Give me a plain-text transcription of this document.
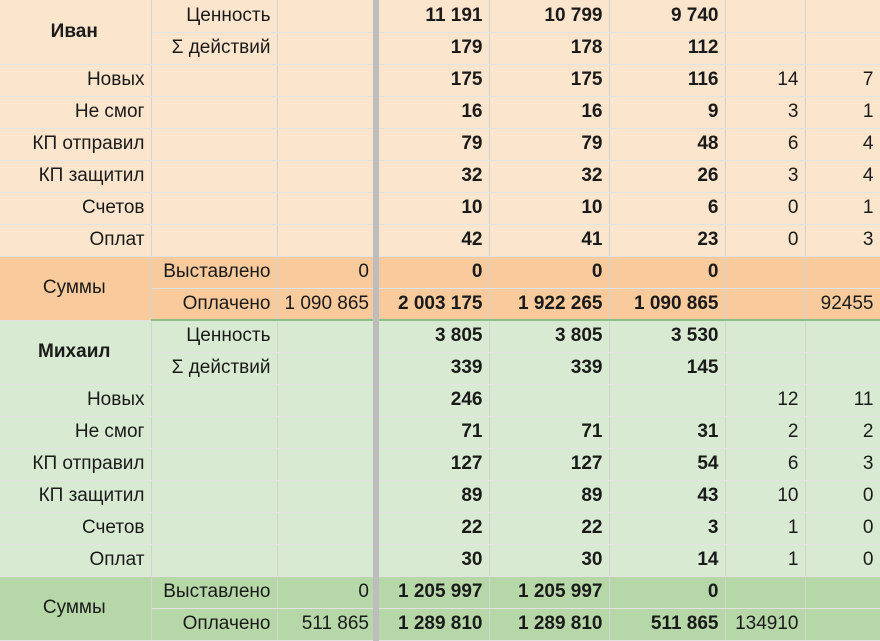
Иван	Ценность		11 191	10 799	9 740		
	Σ действий		179	178	112		
Новых			175	175	116	14	7
Не смог			16	16	9	3	1
КП отправил			79	79	48	6	4
КП защитил			32	32	26	3	4
Счетов			10	10	6	0	1
Оплат			42	41	23	0	3
Суммы	Выставлено	0	0	0	0		
	Оплачено	1 090 865	2 003 175	1 922 265	1 090 865		92455
Михаил	Ценность		3 805	3 805	3 530		
	Σ действий		339	339	145		
Новых			246			12	11
Не смог			71	71	31	2	2
КП отправил			127	127	54	6	3
КП защитил			89	89	43	10	0
Счетов			22	22	3	1	0
Оплат			30	30	14	1	0
Суммы	Выставлено	0	1 205 997	1 205 997	0		
	Оплачено	511 865	1 289 810	1 289 810	511 865	134910	
